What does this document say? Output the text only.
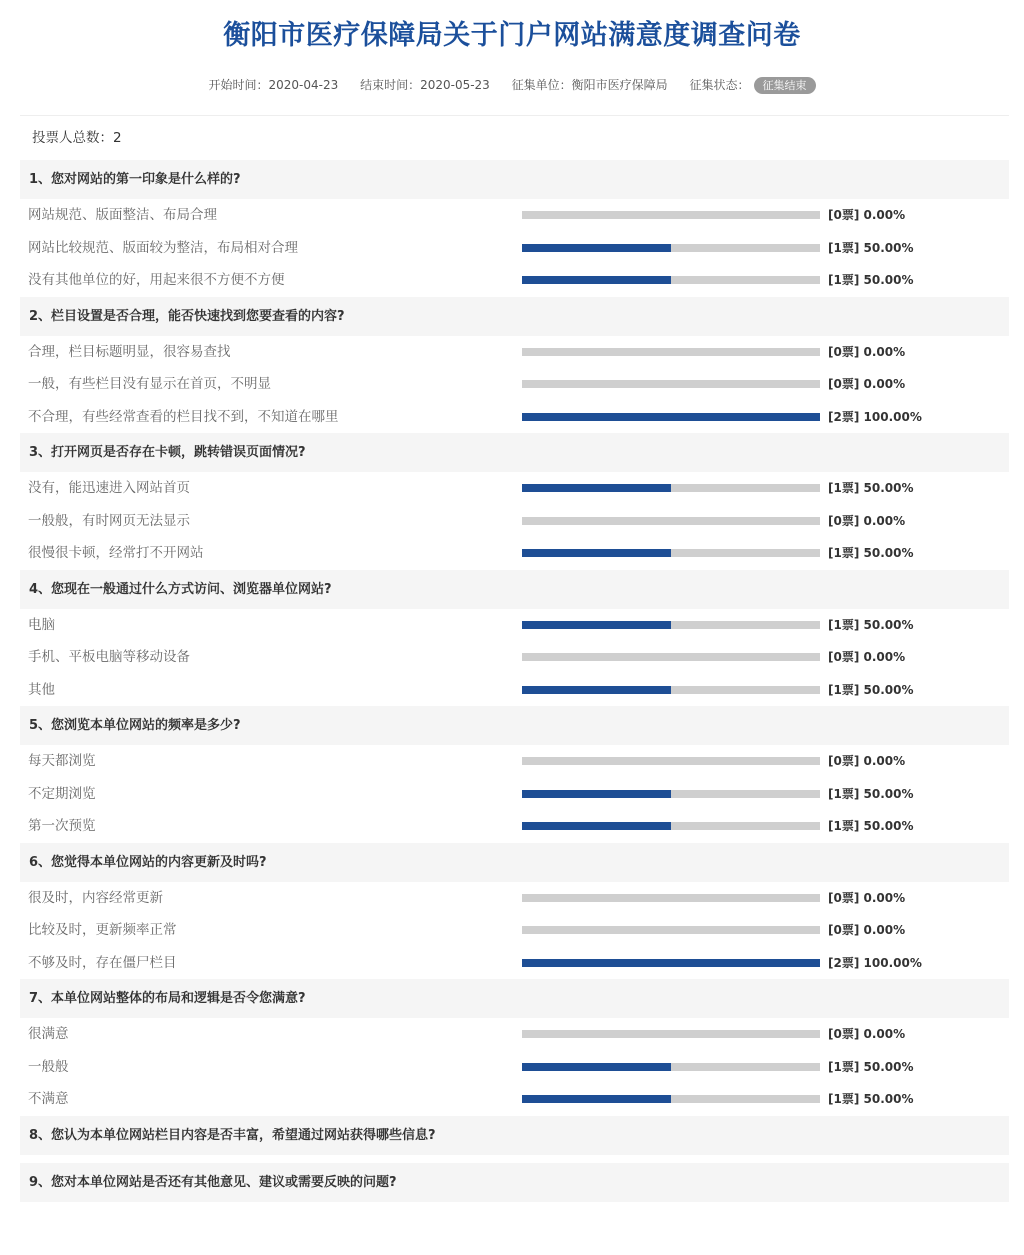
衡阳市医疗保障局关于门户网站满意度调查问卷
开始时间：2020-04-23 结束时间：2020-05-23 征集单位：衡阳市医疗保障局 征集状态： 征集结束
投票人总数：2
1、您对网站的第一印象是什么样的?
网站规范、版面整洁、布局合理	[0票] 0.00%
网站比较规范、版面较为整洁，布局相对合理	[1票] 50.00%
没有其他单位的好，用起来很不方便不方便	[1票] 50.00%
2、栏目设置是否合理，能否快速找到您要查看的内容?
合理，栏目标题明显，很容易查找	[0票] 0.00%
一般，有些栏目没有显示在首页，不明显	[0票] 0.00%
不合理，有些经常查看的栏目找不到，不知道在哪里	[2票] 100.00%
3、打开网页是否存在卡顿，跳转错误页面情况?
没有，能迅速进入网站首页	[1票] 50.00%
一般般，有时网页无法显示	[0票] 0.00%
很慢很卡顿，经常打不开网站	[1票] 50.00%
4、您现在一般通过什么方式访问、浏览器单位网站?
电脑	[1票] 50.00%
手机、平板电脑等移动设备	[0票] 0.00%
其他	[1票] 50.00%
5、您浏览本单位网站的频率是多少?
每天都浏览	[0票] 0.00%
不定期浏览	[1票] 50.00%
第一次预览	[1票] 50.00%
6、您觉得本单位网站的内容更新及时吗?
很及时，内容经常更新	[0票] 0.00%
比较及时，更新频率正常	[0票] 0.00%
不够及时，存在僵尸栏目	[2票] 100.00%
7、本单位网站整体的布局和逻辑是否令您满意?
很满意	[0票] 0.00%
一般般	[1票] 50.00%
不满意	[1票] 50.00%
8、您认为本单位网站栏目内容是否丰富，希望通过网站获得哪些信息?
9、您对本单位网站是否还有其他意见、建议或需要反映的问题?
